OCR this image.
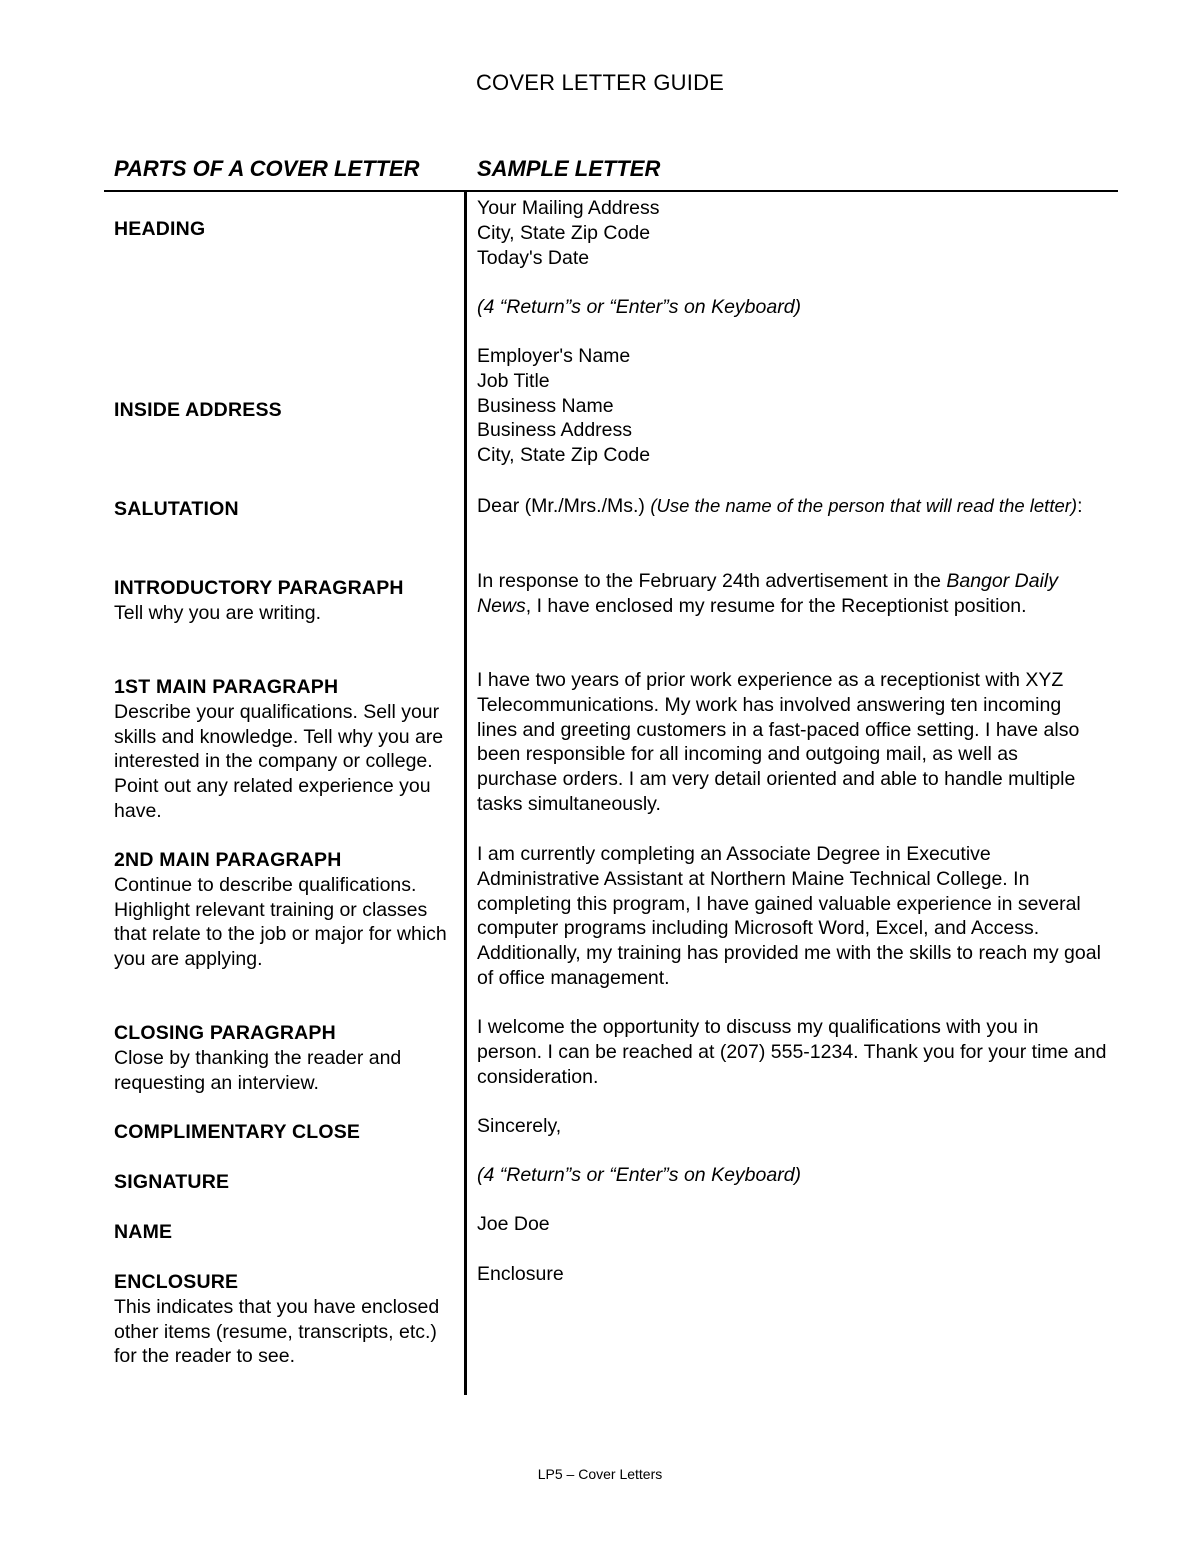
COVER LETTER GUIDE
PARTS OF A COVER LETTER	SAMPLE LETTER
HEADING
INSIDE ADDRESS
SALUTATION
INTRODUCTORY PARAGRAPH
Tell why you are writing.
1ST MAIN PARAGRAPH
Describe your qualifications. Sell your skills and knowledge. Tell why you are interested in the company or college. Point out any related experience you have.
2ND MAIN PARAGRAPH
Continue to describe qualifications. Highlight relevant training or classes that relate to the job or major for which you are applying.
CLOSING PARAGRAPH
Close by thanking the reader and requesting an interview.
COMPLIMENTARY CLOSE
SIGNATURE
NAME
ENCLOSURE
This indicates that you have enclosed other items (resume, transcripts, etc.) for the reader to see.
Your Mailing Address
City, State Zip Code
Today's Date
(4 “Return”s or “Enter”s on Keyboard)
Employer's Name
Job Title
Business Name
Business Address
City, State Zip Code
Dear (Mr./Mrs./Ms.) (Use the name of the person that will read the letter):
In response to the February 24th advertisement in the Bangor Daily News, I have enclosed my resume for the Receptionist position.
I have two years of prior work experience as a receptionist with XYZ Telecommunications. My work has involved answering ten incoming lines and greeting customers in a fast-paced office setting. I have also been responsible for all incoming and outgoing mail, as well as purchase orders. I am very detail oriented and able to handle multiple tasks simultaneously.
I am currently completing an Associate Degree in Executive Administrative Assistant at Northern Maine Technical College. In completing this program, I have gained valuable experience in several computer programs including Microsoft Word, Excel, and Access. Additionally, my training has provided me with the skills to reach my goal of office management.
I welcome the opportunity to discuss my qualifications with you in person. I can be reached at (207) 555-1234. Thank you for your time and consideration.
Sincerely,
(4 “Return”s or “Enter”s on Keyboard)
Joe Doe
Enclosure
LP5 – Cover Letters
